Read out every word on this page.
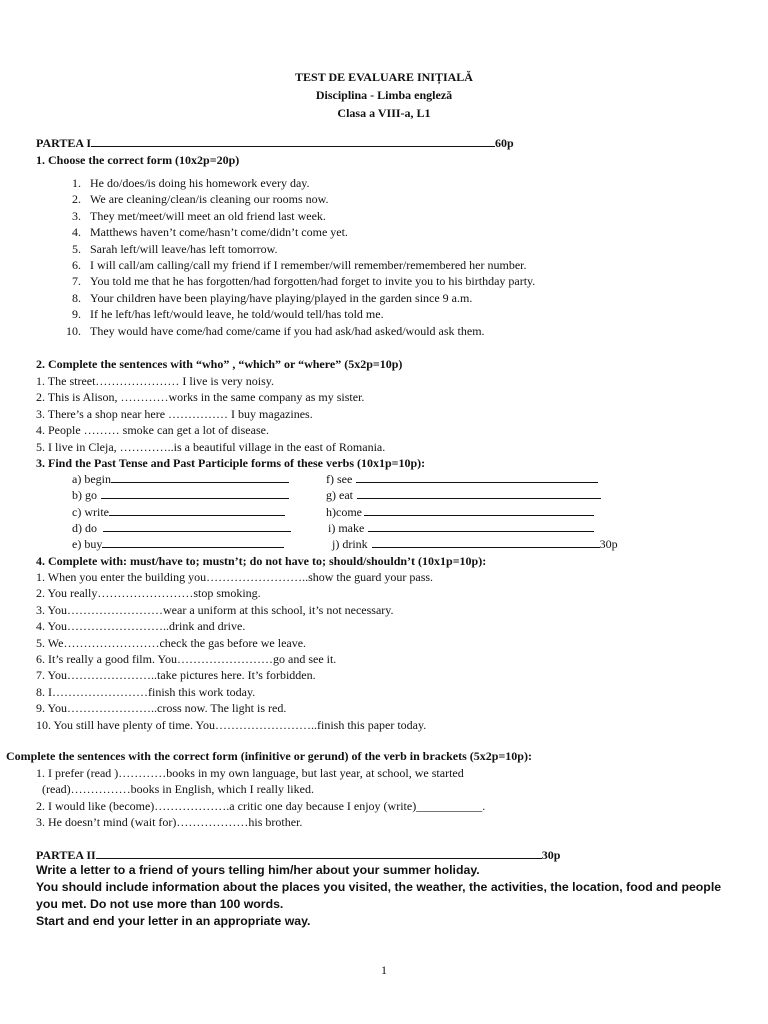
TEST DE EVALUARE INIȚIALĂ
Disciplina - Limba engleză
Clasa a VIII-a, L1
PARTEA I	60p
1. Choose the correct form (10x2p=20p)
1. He do/does/is doing his homework every day.
2. We are cleaning/clean/is cleaning our rooms now.
3. They met/meet/will meet an old friend last week.
4. Matthews haven’t come/hasn’t come/didn’t come yet.
5. Sarah left/will leave/has left tomorrow.
6. I will call/am calling/call my friend if I remember/will remember/remembered her number.
7. You told me that he has forgotten/had forgotten/had forget to invite you to his birthday party.
8. Your children have been playing/have playing/played in the garden since 9 a.m.
9. If he left/has left/would leave, he told/would tell/has told me.
10. They would have come/had come/came if you had ask/had asked/would ask them.
2. Complete the sentences with “who” , “which” or “where” (5x2p=10p)
1. The street………………… I live is very noisy.
2. This is Alison, …………works in the same company as my sister.
3. There’s a shop near here …………… I buy magazines.
4. People ……… smoke can get a lot of disease.
5. I live in Cleja, …………..is a beautiful village in the east of Romania.
3. Find the Past Tense and Past Participle forms of these verbs (10x1p=10p):
a) begin	f) see
b) go	g) eat
c) write	h)come
d) do	i) make
e) buy	j) drink	30p
4. Complete with: must/have to; mustn’t; do not have to; should/shouldn’t (10x1p=10p):
1. When you enter the building you……………………..show the guard your pass.
2. You really……………………stop smoking.
3. You……………………wear a uniform at this school, it’s not necessary.
4. You……………………..drink and drive.
5. We……………………check the gas before we leave.
6. It’s really a good film. You……………………go and see it.
7. You…………………..take pictures here. It’s forbidden.
8. I……………………finish this work today.
9. You…………………..cross now. The light is red.
10. You still have plenty of time. You……………………..finish this paper today.
Complete the sentences with the correct form (infinitive or gerund) of the verb in brackets (5x2p=10p):
1. I prefer (read )…………books in my own language, but last year, at school, we started
(read)……………books in English, which I really liked.
2. I would like (become)……………….a critic one day because I enjoy (write)___________.
3. He doesn’t mind (wait for)………………his brother.
PARTEA II	30p
Write a letter to a friend of yours telling him/her about your summer holiday.
You should include information about the places you visited, the weather, the activities, the location, food and people you met. Do not use more than 100 words.
Start and end your letter in an appropriate way.
1
